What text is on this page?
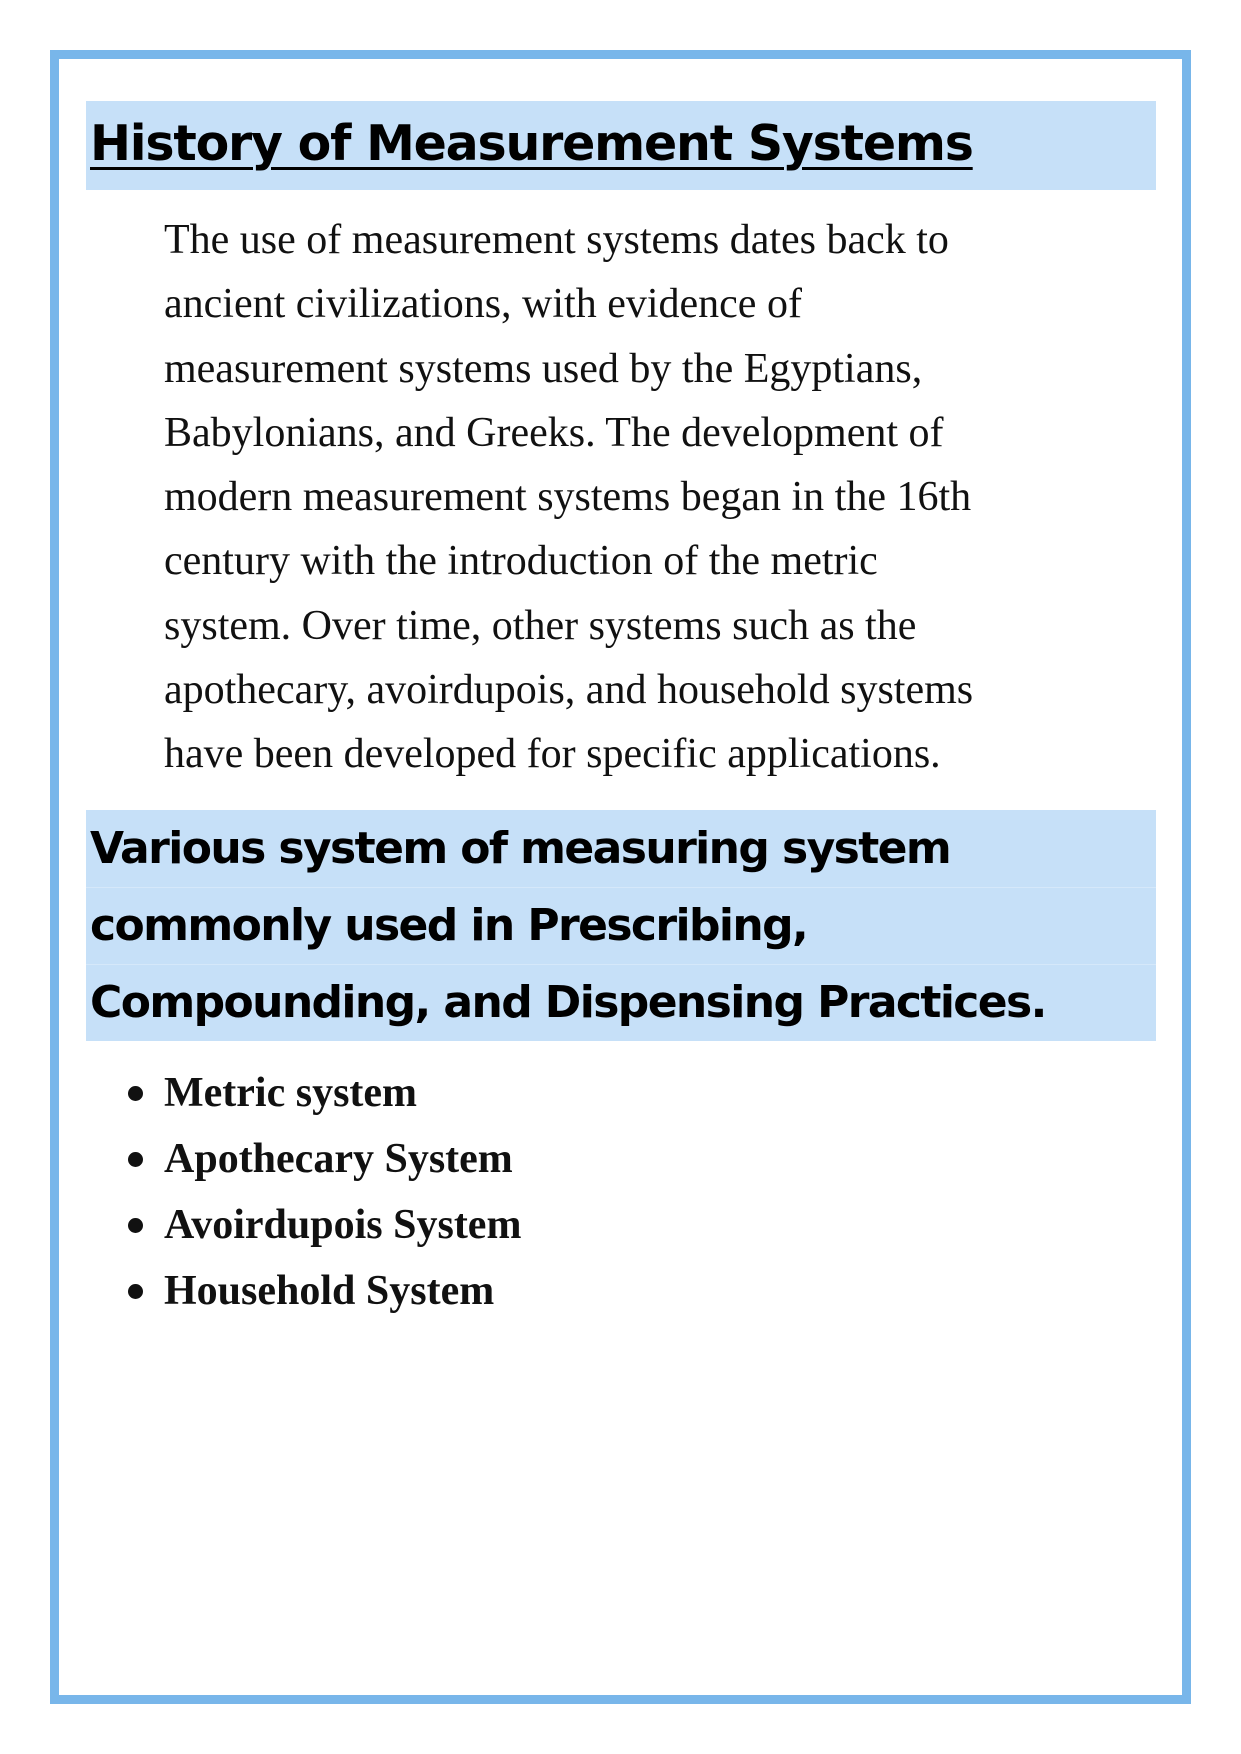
History of Measurement Systems

The use of measurement systems dates back to
ancient civilizations, with evidence of
measurement systems used by the Egyptians,
Babylonians, and Greeks. The development of
modern measurement systems began in the 16th
century with the introduction of the metric
system. Over time, other systems such as the
apothecary, avoirdupois, and household systems
have been developed for specific applications.

Various system of measuring system
commonly used in Prescribing,
Compounding, and Dispensing Practices.
Metric system
Apothecary System
Avoirdupois System
Household System
